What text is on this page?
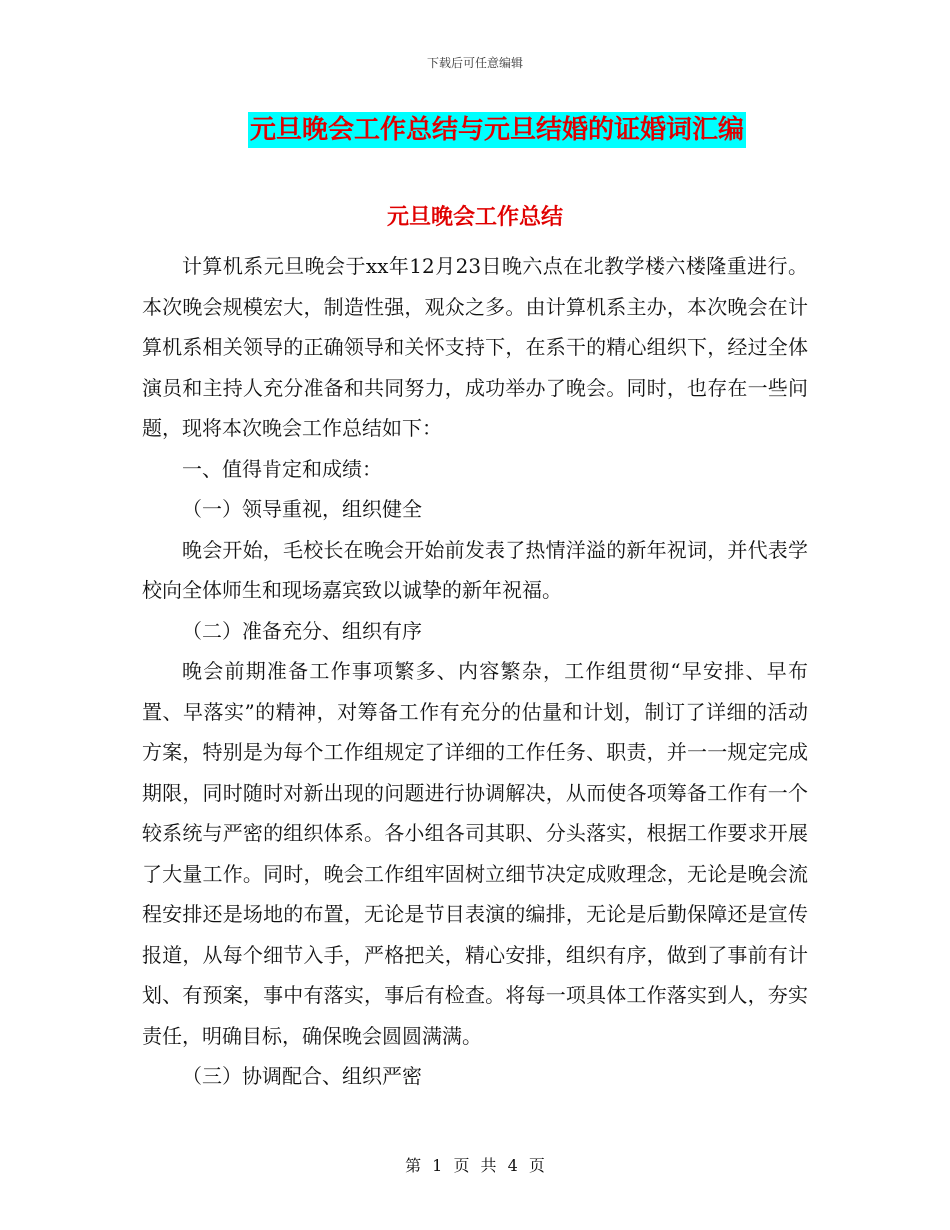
下载后可任意编辑
元旦晚会工作总结与元旦结婚的证婚词汇编
元旦晚会工作总结

计算机系元旦晚会于xx年12月23日晚六点在北教学楼六楼隆重进行。本次晚会规模宏大，制造性强，观众之多。由计算机系主办，本次晚会在计算机系相关领导的正确领导和关怀支持下，在系干的精心组织下，经过全体演员和主持人充分准备和共同努力，成功举办了晚会。同时，也存在一些问题，现将本次晚会工作总结如下：

一、值得肯定和成绩：

（一）领导重视，组织健全

晚会开始，毛校长在晚会开始前发表了热情洋溢的新年祝词，并代表学校向全体师生和现场嘉宾致以诚挚的新年祝福。

（二）准备充分、组织有序

晚会前期准备工作事项繁多、内容繁杂，工作组贯彻“早安排、早布置、早落实”的精神，对筹备工作有充分的估量和计划，制订了详细的活动方案，特别是为每个工作组规定了详细的工作任务、职责，并一一规定完成期限，同时随时对新出现的问题进行协调解决，从而使各项筹备工作有一个较系统与严密的组织体系。各小组各司其职、分头落实，根据工作要求开展了大量工作。同时，晚会工作组牢固树立细节决定成败理念，无论是晚会流程安排还是场地的布置，无论是节目表演的编排，无论是后勤保障还是宣传报道，从每个细节入手，严格把关，精心安排，组织有序，做到了事前有计划、有预案，事中有落实，事后有检查。将每一项具体工作落实到人，夯实责任，明确目标，确保晚会圆圆满满。

（三）协调配合、组织严密

第 1 页 共 4 页
